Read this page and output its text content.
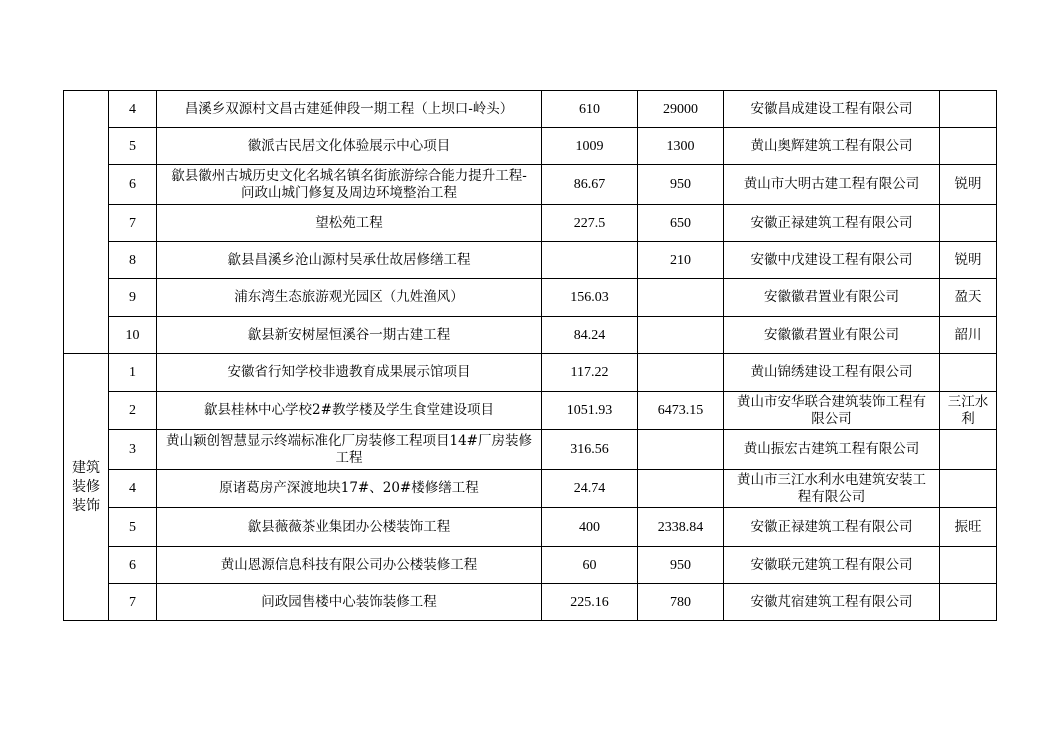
	4	昌溪乡双源村文昌古建延伸段一期工程（上坝口-岭头）	610	29000	安徽昌成建设工程有限公司	
	5	徽派古民居文化体验展示中心项目	1009	1300	黄山奥辉建筑工程有限公司	
	6	歙县徽州古城历史文化名城名镇名街旅游综合能力提升工程-问政山城门修复及周边环境整治工程	86.67	950	黄山市大明古建工程有限公司	锐明
	7	望松苑工程	227.5	650	安徽正禄建筑工程有限公司	
	8	歙县昌溪乡沧山源村吴承仕故居修缮工程		210	安徽中戊建设工程有限公司	锐明
	9	浦东湾生态旅游观光园区（九姓渔风）	156.03		安徽徽君置业有限公司	盈天
	10	歙县新安树屋恒溪谷一期古建工程	84.24		安徽徽君置业有限公司	韶川
建筑装修装饰	1	安徽省行知学校非遗教育成果展示馆项目	117.22		黄山锦绣建设工程有限公司	
	2	歙县桂林中心学校2#教学楼及学生食堂建设项目	1051.93	6473.15	黄山市安华联合建筑装饰工程有限公司	三江水利
	3	黄山颖创智慧显示终端标准化厂房装修工程项目14#厂房装修工程	316.56		黄山振宏古建筑工程有限公司	
	4	原诸葛房产深渡地块17#、20#楼修缮工程	24.74		黄山市三江水利水电建筑安装工程有限公司	
	5	歙县薇薇茶业集团办公楼装饰工程	400	2338.84	安徽正禄建筑工程有限公司	振旺
	6	黄山恩源信息科技有限公司办公楼装修工程	60	950	安徽联元建筑工程有限公司	
	7	问政园售楼中心装饰装修工程	225.16	780	安徽芃宿建筑工程有限公司	
